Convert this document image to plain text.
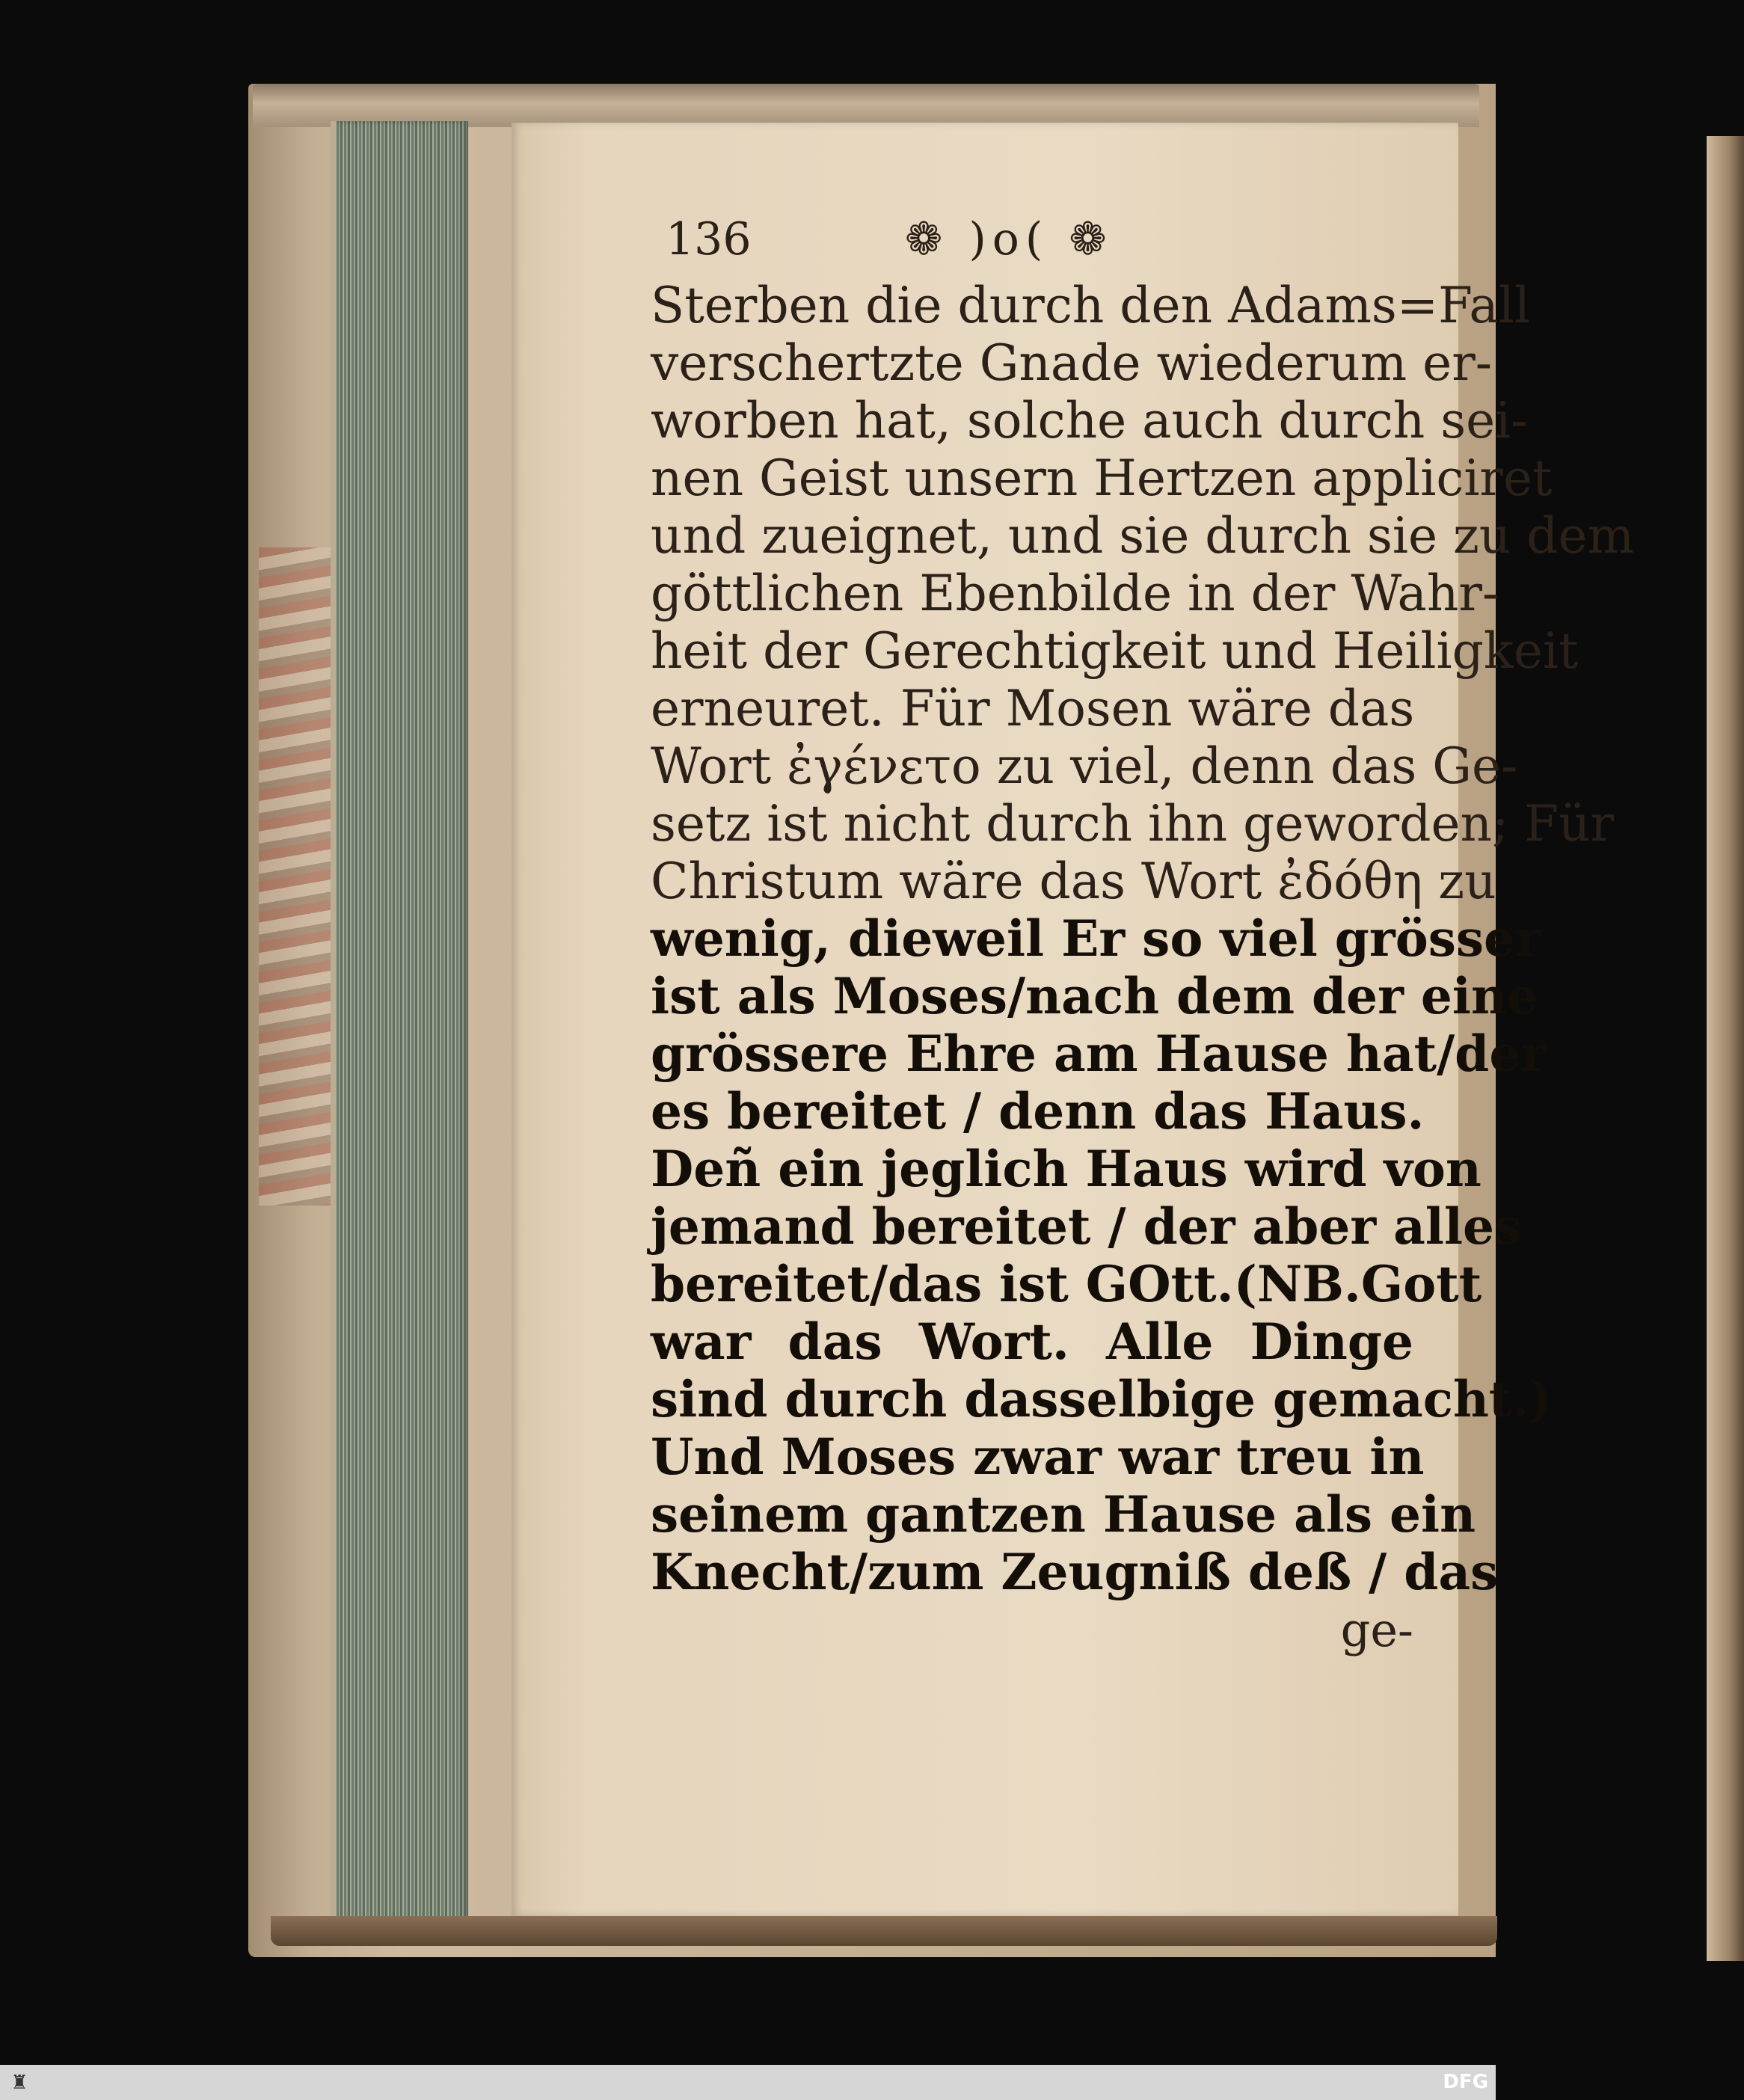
136	❁ )o( ❁
Sterben die durch den Adams=Fall
verschertzte Gnade wiederum er-
worben hat, solche auch durch sei-
nen Geist unsern Hertzen appliciret
und zueignet, und sie durch sie zu dem
göttlichen Ebenbilde in der Wahr-
heit der Gerechtigkeit und Heiligkeit
erneuret. Für Mosen wäre das
Wort ἐγένετο zu viel, denn das Ge-
setz ist nicht durch ihn geworden; Für
Christum wäre das Wort ἐδόθη zu
wenig, dieweil Er so viel grösser
ist als Moses/nach dem der eine
grössere Ehre am Hause hat/der
es bereitet / denn das Haus.
Deñ ein jeglich Haus wird von
jemand bereitet / der aber alles
bereitet/das ist GOtt.(NB.Gott
war das Wort. Alle Dinge
sind durch dasselbige gemacht.)
Und Moses zwar war treu in
seinem gantzen Hause als ein
Knecht/zum Zeugniß deß / das
ge-
♜	DFG
